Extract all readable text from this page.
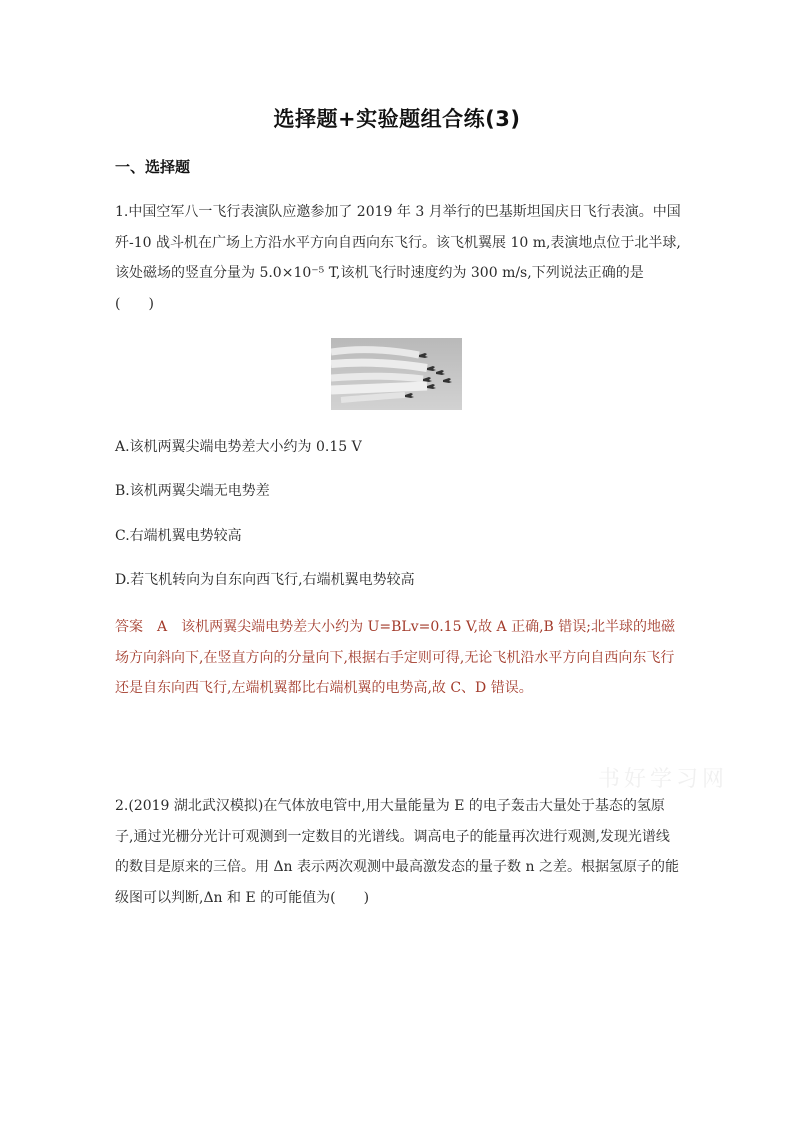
选择题+实验题组合练(3)
一、选择题
1.中国空军八一飞行表演队应邀参加了 2019 年 3 月举行的巴基斯坦国庆日飞行表演。中国歼-10 战斗机在广场上方沿水平方向自西向东飞行。该飞机翼展 10 m,表演地点位于北半球,该处磁场的竖直分量为 5.0×10⁻⁵ T,该机飞行时速度约为 300 m/s,下列说法正确的是(　　)
A.该机两翼尖端电势差大小约为 0.15 V
B.该机两翼尖端无电势差
C.右端机翼电势较高
D.若飞机转向为自东向西飞行,右端机翼电势较高
答案 A 该机两翼尖端电势差大小约为 U=BLv=0.15 V,故 A 正确,B 错误;北半球的地磁场方向斜向下,在竖直方向的分量向下,根据右手定则可得,无论飞机沿水平方向自西向东飞行还是自东向西飞行,左端机翼都比右端机翼的电势高,故 C、D 错误。
书好学习网
2.(2019 湖北武汉模拟)在气体放电管中,用大量能量为 E 的电子轰击大量处于基态的氢原子,通过光栅分光计可观测到一定数目的光谱线。调高电子的能量再次进行观测,发现光谱线的数目是原来的三倍。用 Δn 表示两次观测中最高激发态的量子数 n 之差。根据氢原子的能级图可以判断,Δn 和 E 的可能值为(　　)
